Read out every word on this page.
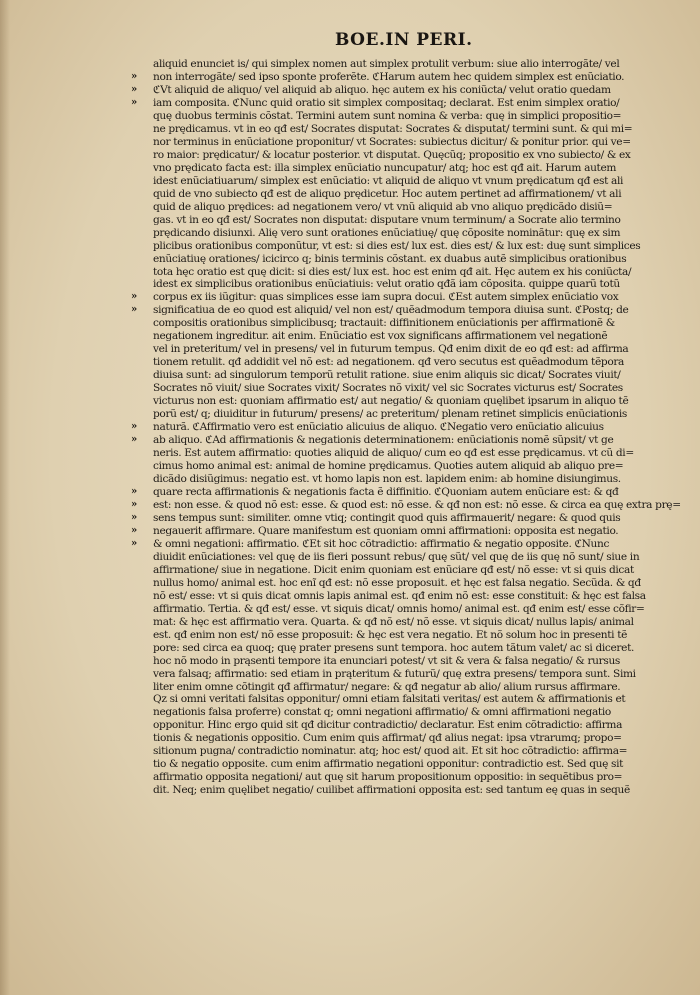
BOE.IN PERI.
aliquid enunciet is/ qui simplex nomen aut simplex protulit verbum: siue alio interrogãte/ vel
» non interrogãte/ sed ipso sponte proferẽte. ℭHarum autem hec quidem simplex est enũciatio.
» ℭVt aliquid de aliquo/ vel aliquid ab aliquo. hęc autem ex his coniũcta/ velut oratio quedam
» iam composita. ℭNunc quid oratio sit simplex compositaq; declarat. Est enim simplex oratio/
quę duobus terminis cõstat. Termini autem sunt nomina & verba: quę in simplici propositio=
ne prędicamus. vt in eo qđ est/ Socrates disputat: Socrates & disputat/ termini sunt. & qui mi=
nor terminus in enũciatione proponitur/ vt Socrates: subiectus dicitur/ & ponitur prior. qui ve=
ro maior: prędicatur/ & locatur posterior. vt disputat. Quęcũq; propositio ex vno subiecto/ & ex
vno prędicato facta est: illa simplex enũciatio nuncupatur/ atq; hoc est qđ ait. Harum autem
idest enũciatiuarum/ simplex est enũciatio: vt aliquid de aliquo vt vnum prędicatum qđ est ali
quid de vno subiecto qđ est de aliquo prędicetur. Hoc autem pertinet ad affirmationem/ vt ali
quid de aliquo prędices: ad negationem vero/ vt vnũ aliquid ab vno aliquo prędicãdo disiũ=
gas. vt in eo qđ est/ Socrates non disputat: disputare vnum terminum/ a Socrate alio termino
prędicando disiunxi. Alię vero sunt orationes enũciatiuę/ quę cõposite nominãtur: quę ex sim
plicibus orationibus componũtur, vt est: si dies est/ lux est. dies est/ & lux est: duę sunt simplices
enũciatiuę orationes/ icicirco q; binis terminis cõstant. ex duabus autẽ simplicibus orationibus
tota hęc oratio est quę dicit: si dies est/ lux est. hoc est enim qđ ait. Hęc autem ex his coniũcta/
idest ex simplicibus orationibus enũciatiuis: velut oratio qđã iam cõposita. quippe quarũ totũ
» corpus ex iis iũgitur: quas simplices esse iam supra docui. ℭEst autem simplex enũciatio vox
» significatiua de eo quod est aliquid/ vel non est/ quẽadmodum tempora diuisa sunt. ℭPostq; de
compositis orationibus simplicibusq; tractauit: diffinitionem enũciationis per affirmationẽ &
negationem ingreditur. ait enim. Enũciatio est vox significans affirmationem vel negationẽ
vel in preteritum/ vel in presens/ vel in futurum tempus. Qđ enim dixit de eo qđ est: ad affirma
tionem retulit. qđ addidit vel nõ est: ad negationem. qđ vero secutus est quẽadmodum tẽpora
diuisa sunt: ad singulorum temporũ retulit ratione. siue enim aliquis sic dicat/ Socrates viuit/
Socrates nõ viuit/ siue Socrates vixit/ Socrates nõ vixit/ vel sic Socrates victurus est/ Socrates
victurus non est: quoniam affirmatio est/ aut negatio/ & quoniam quęlibet ipsarum in aliquo tẽ
porũ est/ q; diuiditur in futurum/ presens/ ac preteritum/ plenam retinet simplicis enũciationis
» naturã. ℭAffirmatio vero est enũciatio alicuius de aliquo. ℭNegatio vero enũciatio alicuius
» ab aliquo. ℭAd affirmationis & negationis determinationem: enũciationis nomẽ sũpsit/ vt ge
neris. Est autem affirmatio: quoties aliquid de aliquo/ cum eo qđ est esse prędicamus. vt cũ di=
cimus homo animal est: animal de homine prędicamus. Quoties autem aliquid ab aliquo pre=
dicãdo disiũgimus: negatio est. vt homo lapis non est. lapidem enim: ab homine disiungimus.
» quare recta affirmationis & negationis facta ẽ diffinitio. ℭQuoniam autem enũciare est: & qđ
» est: non esse. & quod nõ est: esse. & quod est: nõ esse. & qđ non est: nõ esse. & circa ea quę extra prę=
» sens tempus sunt: similiter. omne vtiq; contingit quod quis affirmauerit/ negare: & quod quis
» negauerit affirmare. Quare manifestum est quoniam omni affirmationi: opposita est negatio.
» & omni negationi: affirmatio. ℭEt sit hoc cõtradictio: affirmatio & negatio opposite. ℭNunc
diuidit enũciationes: vel quę de iis fieri possunt rebus/ quę sũt/ vel quę de iis quę nõ sunt/ siue in
affirmatione/ siue in negatione. Dicit enim quoniam est enũciare qđ est/ nõ esse: vt si quis dicat
nullus homo/ animal est. hoc enĩ qđ est: nõ esse proposuit. et hęc est falsa negatio. Secũda. & qđ
nõ est/ esse: vt si quis dicat omnis lapis animal est. qđ enim nõ est: esse constituit: & hęc est falsa
affirmatio. Tertia. & qđ est/ esse. vt siquis dicat/ omnis homo/ animal est. qđ enim est/ esse cõfir=
mat: & hęc est affirmatio vera. Quarta. & qđ nõ est/ nõ esse. vt siquis dicat/ nullus lapis/ animal
est. qđ enim non est/ nõ esse proposuit: & hęc est vera negatio. Et nõ solum hoc in presenti tẽ
pore: sed circa ea quoq; quę prater presens sunt tempora. hoc autem tãtum valet/ ac si diceret.
hoc nõ modo in prąsenti tempore ita enunciari potest/ vt sit & vera & falsa negatio/ & rursus
vera falsaq; affirmatio: sed etiam in prąteritum & futurũ/ quę extra presens/ tempora sunt. Simi
liter enim omne cõtingit qđ affirmatur/ negare: & qđ negatur ab alio/ alium rursus affirmare.
Qz si omni veritati falsitas opponitur/ omni etiam falsitati veritas/ est autem & affirmationis et
negationis falsa proferre) constat q; omni negationi affirmatio/ & omni affirmationi negatio
opponitur. Hinc ergo quid sit qđ dicitur contradictio/ declaratur. Est enim cõtradictio: affirma
tionis & negationis oppositio. Cum enim quis affirmat/ qđ alius negat: ipsa vtrarumq; propo=
sitionum pugna/ contradictio nominatur. atq; hoc est/ quod ait. Et sit hoc cõtradictio: affirma=
tio & negatio opposite. cum enim affirmatio negationi opponitur: contradictio est. Sed quę sit
affirmatio opposita negationi/ aut quę sit harum propositionum oppositio: in sequẽtibus pro=
dit. Neq; enim quęlibet negatio/ cuilibet affirmationi opposita est: sed tantum eę quas in sequẽ
